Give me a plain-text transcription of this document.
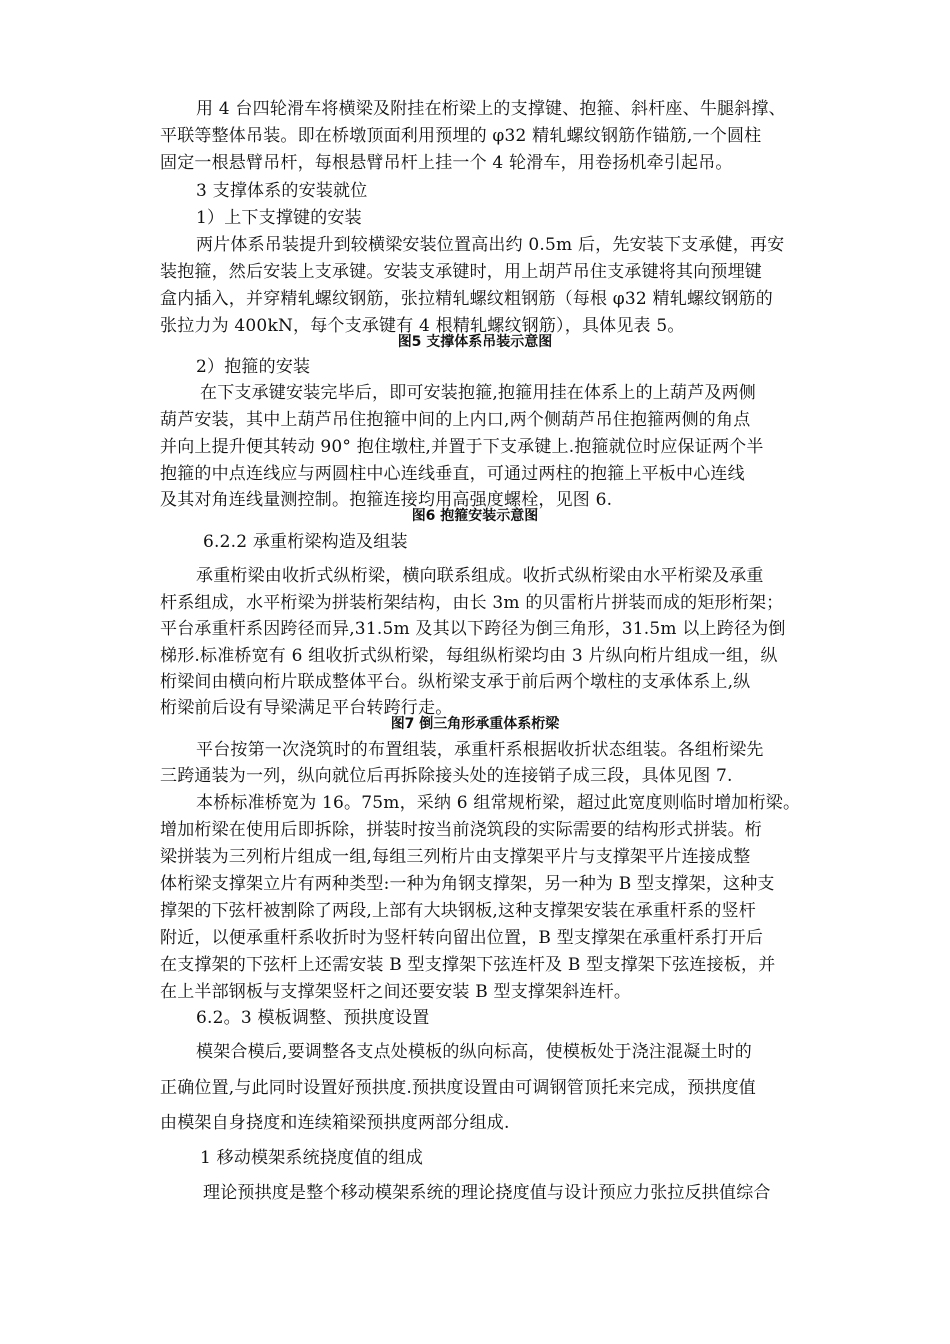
用 4 台四轮滑车将横梁及附挂在桁梁上的支撑键、抱箍、斜杆座、牛腿斜撑、
平联等整体吊装。即在桥墩顶面利用预埋的 φ32 精轧螺纹钢筋作锚筋,一个圆柱
固定一根悬臂吊杆，每根悬臂吊杆上挂一个 4 轮滑车，用卷扬机牵引起吊。
3 支撑体系的安装就位
1）上下支撑键的安装
两片体系吊装提升到较横梁安装位置高出约 0.5m 后，先安装下支承健，再安
装抱箍，然后安装上支承键。安装支承键时，用上胡芦吊住支承键将其向预埋键
盒内插入，并穿精轧螺纹钢筋，张拉精轧螺纹粗钢筋（每根 φ32 精轧螺纹钢筋的
张拉力为 400kN，每个支承键有 4 根精轧螺纹钢筋），具体见表 5。
图5 支撑体系吊装示意图
2）抱箍的安装
在下支承键安装完毕后，即可安装抱箍,抱箍用挂在体系上的上葫芦及两侧
葫芦安装，其中上葫芦吊住抱箍中间的上内口,两个侧葫芦吊住抱箍两侧的角点
并向上提升便其转动 90° 抱住墩柱,并置于下支承键上.抱箍就位时应保证两个半
抱箍的中点连线应与两圆柱中心连线垂直，可通过两柱的抱箍上平板中心连线
及其对角连线量测控制。抱箍连接均用高强度螺栓，见图 6.
图6 抱箍安装示意图
6.2.2 承重桁梁构造及组装
承重桁梁由收折式纵桁梁，横向联系组成。收折式纵桁梁由水平桁梁及承重
杆系组成，水平桁梁为拼装桁架结构，由长 3m 的贝雷桁片拼装而成的矩形桁架；
平台承重杆系因跨径而异,31.5m 及其以下跨径为倒三角形，31.5m 以上跨径为倒
梯形.标准桥宽有 6 组收折式纵桁梁，每组纵桁梁均由 3 片纵向桁片组成一组，纵
桁梁间由横向桁片联成整体平台。纵桁梁支承于前后两个墩柱的支承体系上,纵
桁梁前后设有导梁满足平台转跨行走。
图7 倒三角形承重体系桁梁
平台按第一次浇筑时的布置组装，承重杆系根据收折状态组装。各组桁梁先
三跨通装为一列，纵向就位后再拆除接头处的连接销子成三段，具体见图 7.
本桥标准桥宽为 16。75m，采纳 6 组常规桁梁，超过此宽度则临时增加桁梁。
增加桁梁在使用后即拆除，拼装时按当前浇筑段的实际需要的结构形式拼装。桁
梁拼装为三列桁片组成一组,每组三列桁片由支撑架平片与支撑架平片连接成整
体桁梁支撑架立片有两种类型:一种为角钢支撑架，另一种为 B 型支撑架，这种支
撑架的下弦杆被割除了两段,上部有大块钢板,这种支撑架安装在承重杆系的竖杆
附近，以便承重杆系收折时为竖杆转向留出位置，B 型支撑架在承重杆系打开后
在支撑架的下弦杆上还需安装 B 型支撑架下弦连杆及 B 型支撑架下弦连接板，并
在上半部钢板与支撑架竖杆之间还要安装 B 型支撑架斜连杆。
6.2。3 模板调整、预拱度设置
模架合模后,要调整各支点处模板的纵向标高，使模板处于浇注混凝土时的
正确位置,与此同时设置好预拱度.预拱度设置由可调钢管顶托来完成，预拱度值
由模架自身挠度和连续箱梁预拱度两部分组成.
1 移动模架系统挠度值的组成
理论预拱度是整个移动模架系统的理论挠度值与设计预应力张拉反拱值综合
